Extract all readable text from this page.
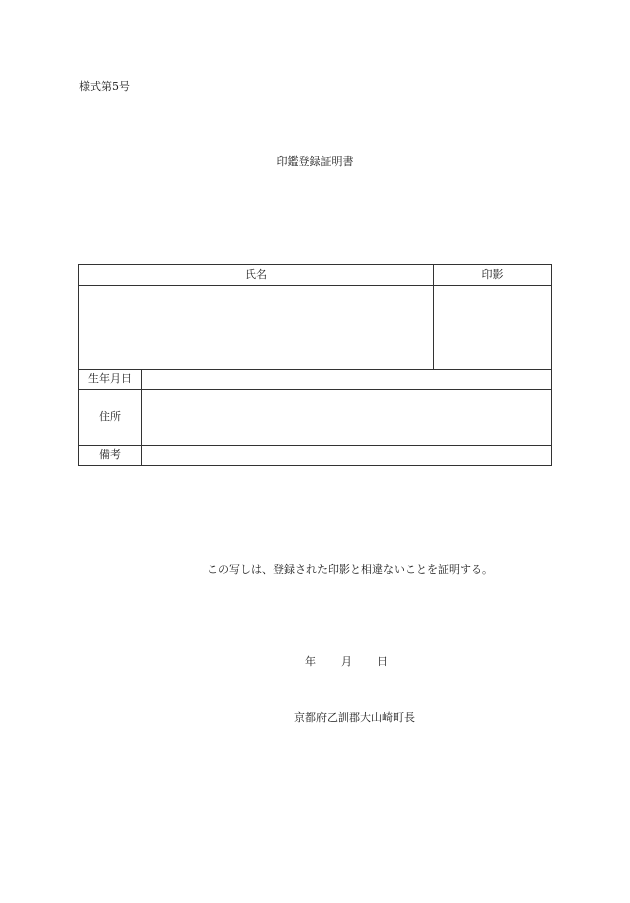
様式第5号
印鑑登録証明書
氏名	印影
生年月日
住所
備考
この写しは、登録された印影と相違ないことを証明する。
年 月 日
京都府乙訓郡大山崎町長
